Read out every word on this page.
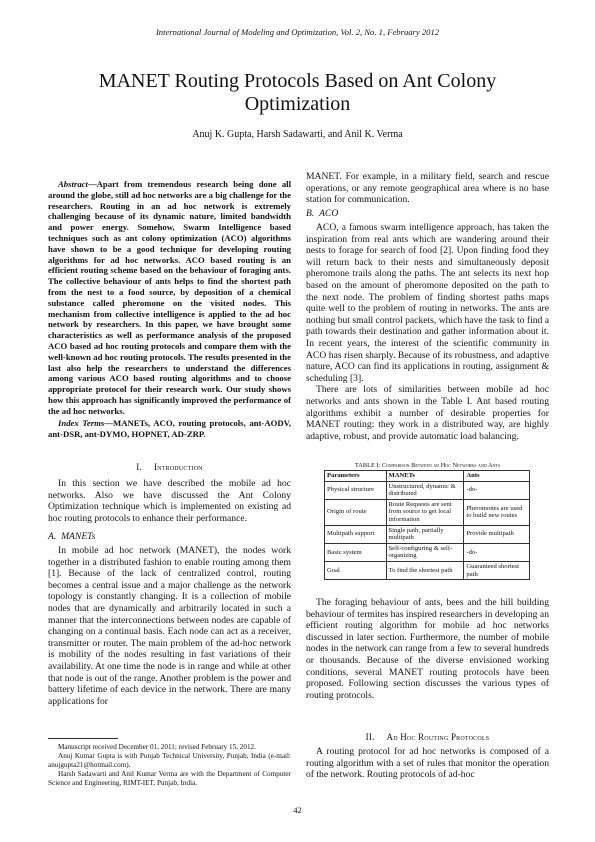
International Journal of Modeling and Optimization, Vol. 2, No. 1, February 2012
MANET Routing Protocols Based on Ant Colony Optimization
Anuj K. Gupta, Harsh Sadawarti, and Anil K. Verma

Abstract—Apart from tremendous research being done all around the globe, still ad hoc networks are a big challenge for the researchers. Routing in an ad hoc network is extremely challenging because of its dynamic nature, limited bandwidth and power energy. Somehow, Swarm Intelligence based techniques such as ant colony optimization (ACO) algorithms have shown to be a good technique for developing routing algorithms for ad hoc networks. ACO based routing is an efficient routing scheme based on the behaviour of foraging ants. The collective behaviour of ants helps to find the shortest path from the nest to a food source, by deposition of a chemical substance called pheromone on the visited nodes. This mechanism from collective intelligence is applied to the ad hoc network by researchers. In this paper, we have brought some characteristics as well as performance analysis of the proposed ACO based ad hoc routing protocols and compare them with the well-known ad hoc routing protocols. The results presented in the last also help the researchers to understand the differences among various ACO based routing algorithms and to choose appropriate protocol for their research work. Our study shows how this approach has significantly improved the performance of the ad hoc networks.

Index Terms—MANETs, ACO, routing protocols, ant-AODV, ant-DSR, ant-DYMO, HOPNET, AD-ZRP.

I. Introduction

In this section we have described the mobile ad hoc networks. Also we have discussed the Ant Colony Optimization technique which is implemented on existing ad hoc routing protocols to enhance their performance.

A. MANETs

In mobile ad hoc network (MANET), the nodes work together in a distributed fashion to enable routing among them [1]. Because of the lack of centralized control, routing becomes a central issue and a major challenge as the network topology is constantly changing. It is a collection of mobile nodes that are dynamically and arbitrarily located in such a manner that the interconnections between nodes are capable of changing on a continual basis. Each node can act as a receiver, transmitter or router. The main problem of the ad-hoc network is mobility of the nodes resulting in fast variations of their availability. At one time the node is in range and while at other that node is out of the range. Another problem is the power and battery lifetime of each device in the network. There are many applications for

Manuscript received December 01, 2011; revised February 15, 2012.

Anuj Kumar Gupta is with Punjab Technical University, Punjab, India (e-mail: anujgupta21@hotmail.com).

Harsh Sadawarti and Anil Kumar Verma are with the Department of Computer Science and Engineering, RIMT-IET, Punjab, India.

MANET. For example, in a military field, search and rescue operations, or any remote geographical area where is no base station for communication.

B. ACO

ACO, a famous swarm intelligence approach, has taken the inspiration from real ants which are wandering around their nests to forage for search of food [2]. Upon finding food they will return back to their nests and simultaneously deposit pheromone trails along the paths. The ant selects its next hop based on the amount of pheromone deposited on the path to the next node. The problem of finding shortest paths maps quite well to the problem of routing in networks. The ants are nothing but small control packets, which have the task to find a path towards their destination and gather information about it. In recent years, the interest of the scientific community in ACO has risen sharply. Because of its robustness, and adaptive nature, ACO can find its applications in routing, assignment & scheduling [3].

There are lots of similarities between mobile ad hoc networks and ants shown in the Table I. Ant based routing algorithms exhibit a number of desirable properties for MANET routing: they work in a distributed way, are highly adaptive, robust, and provide automatic load balancing.

TABLE I: Comparison Between ad Hoc Networks and Ants
Parameters	MANETs	Ants
Physical structure	Unstructured, dynamic & distributed	-do-
Origin of route	Route Requests are sent from source to get local information	Pheromones are used to build new routes
Multipath support	Single path, partially multipath	Provide multipath
Basic system	Self-configuring & self-organizing	-do-
Goal	To find the shortest path	Guaranteed shortest path

The foraging behaviour of ants, bees and the hill building behaviour of termites has inspired researchers in developing an efficient routing algorithm for mobile ad hoc networks discussed in later section. Furthermore, the number of mobile nodes in the network can range from a few to several hundreds or thousands. Because of the diverse envisioned working conditions, several MANET routing protocols have been proposed. Following section discusses the various types of routing protocols.

II. Ad Hoc Routing Protocols

A routing protocol for ad hoc networks is composed of a routing algorithm with a set of rules that monitor the operation of the network. Routing protocols of ad-hoc

42
